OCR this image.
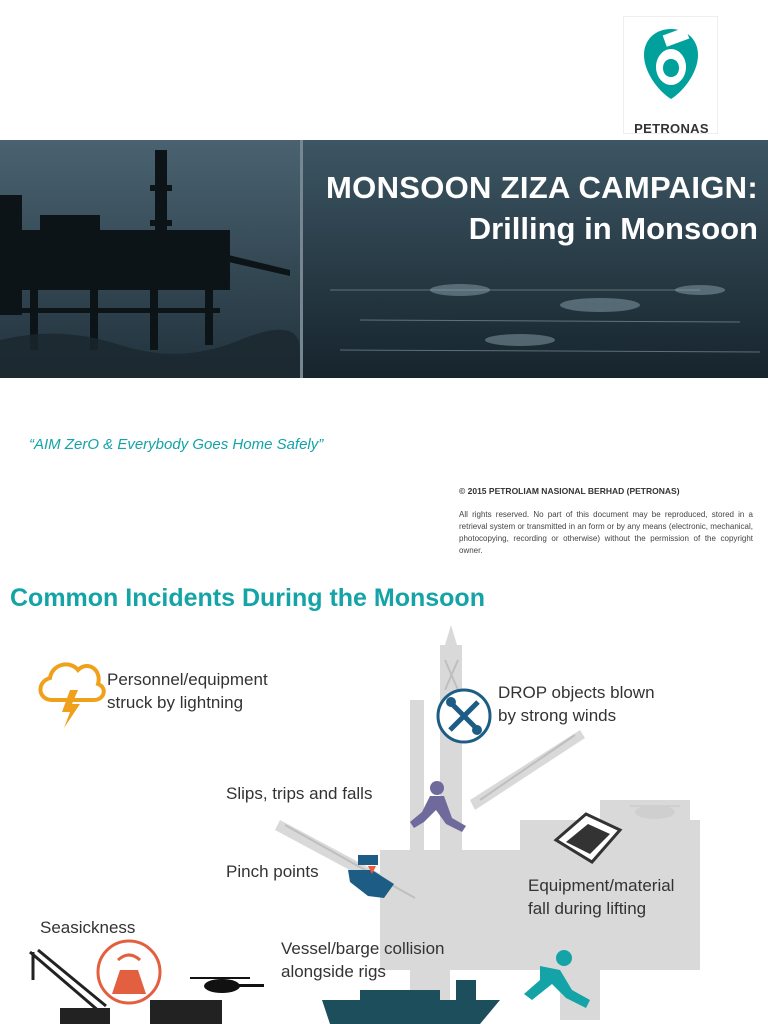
PETRONAS
MONSOON ZIZA CAMPAIGN:
Drilling in Monsoon
“AIM ZerO & Everybody Goes Home Safely”
© 2015 PETROLIAM NASIONAL BERHAD (PETRONAS)
All rights reserved. No part of this document may be reproduced, stored in a retrieval system or transmitted in an form or by any means (electronic, mechanical, photocopying, recording or otherwise) without the permission of the copyright owner.
Common Incidents During the Monsoon
Personnel/equipment
struck by lightning
DROP objects blown
by strong winds
Slips, trips and falls
Pinch points
Equipment/material
fall during lifting
Seasickness
Vessel/barge collision
alongside rigs
